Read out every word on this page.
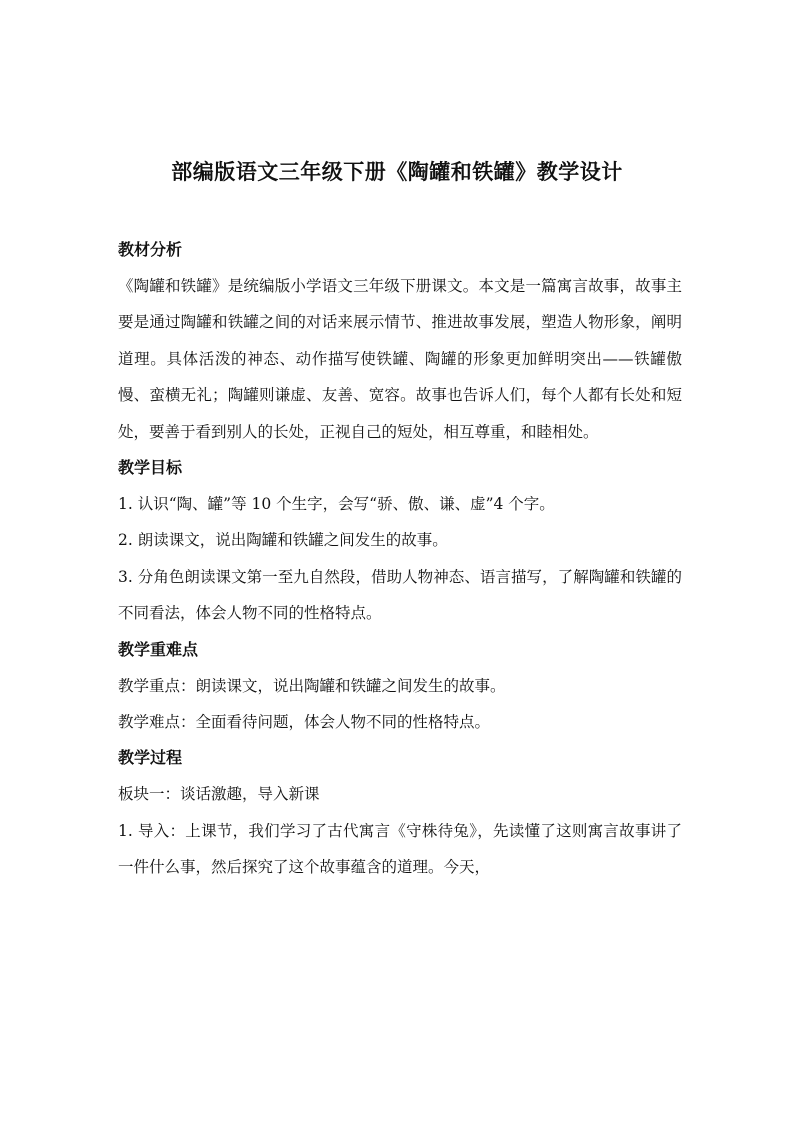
部编版语文三年级下册《陶罐和铁罐》教学设计

教材分析

《陶罐和铁罐》是统编版小学语文三年级下册课文。本文是一篇寓言故事，故事主要是通过陶罐和铁罐之间的对话来展示情节、推进故事发展，塑造人物形象，阐明道理。具体活泼的神态、动作描写使铁罐、陶罐的形象更加鲜明突出——铁罐傲慢、蛮横无礼；陶罐则谦虚、友善、宽容。故事也告诉人们，每个人都有长处和短处，要善于看到别人的长处，正视自己的短处，相互尊重，和睦相处。

教学目标

1. 认识“陶、罐”等 10 个生字，会写“骄、傲、谦、虚”4 个字。

2. 朗读课文，说出陶罐和铁罐之间发生的故事。

3. 分角色朗读课文第一至九自然段，借助人物神态、语言描写，了解陶罐和铁罐的不同看法，体会人物不同的性格特点。

教学重难点

教学重点：朗读课文，说出陶罐和铁罐之间发生的故事。

教学难点：全面看待问题，体会人物不同的性格特点。

教学过程

板块一：谈话激趣，导入新课

1. 导入：上课节，我们学习了古代寓言《守株待兔》，先读懂了这则寓言故事讲了一件什么事，然后探究了这个故事蕴含的道理。今天，
